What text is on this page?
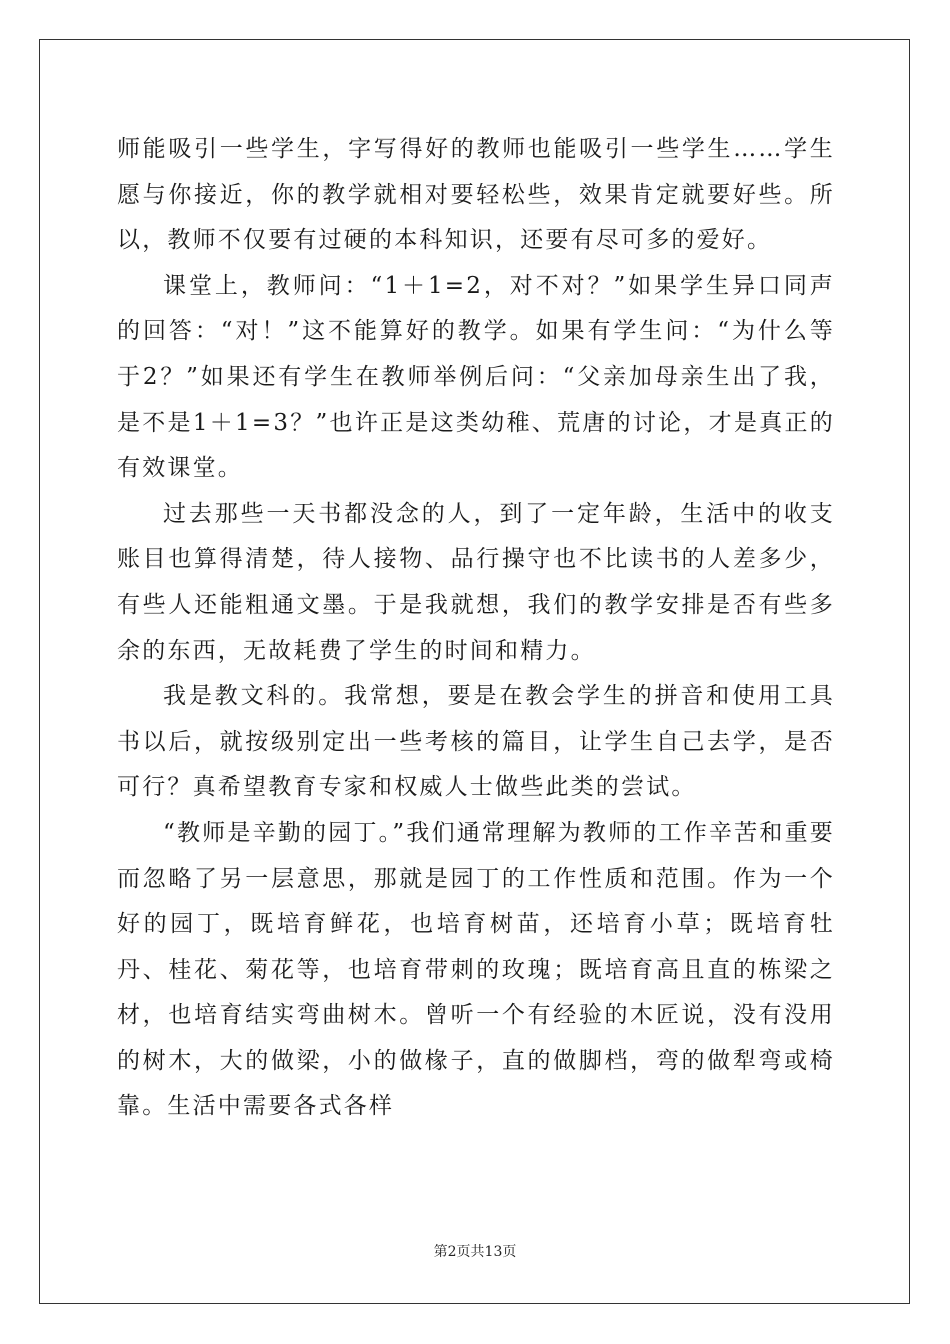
师能吸引一些学生，字写得好的教师也能吸引一些学生……学生愿与你接近，你的教学就相对要轻松些，效果肯定就要好些。所以，教师不仅要有过硬的本科知识，还要有尽可多的爱好。

课堂上，教师问：“1＋1=2，对不对？”如果学生异口同声的回答：“对！”这不能算好的教学。如果有学生问：“为什么等于2？”如果还有学生在教师举例后问：“父亲加母亲生出了我，是不是1＋1=3？”也许正是这类幼稚、荒唐的讨论，才是真正的有效课堂。

过去那些一天书都没念的人，到了一定年龄，生活中的收支账目也算得清楚，待人接物、品行操守也不比读书的人差多少，有些人还能粗通文墨。于是我就想，我们的教学安排是否有些多余的东西，无故耗费了学生的时间和精力。

我是教文科的。我常想，要是在教会学生的拼音和使用工具书以后，就按级别定出一些考核的篇目，让学生自己去学，是否可行？真希望教育专家和权威人士做些此类的尝试。

“教师是辛勤的园丁。”我们通常理解为教师的工作辛苦和重要而忽略了另一层意思，那就是园丁的工作性质和范围。作为一个好的园丁，既培育鲜花，也培育树苗，还培育小草；既培育牡丹、桂花、菊花等，也培育带刺的玫瑰；既培育高且直的栋梁之材，也培育结实弯曲树木。曾听一个有经验的木匠说，没有没用的树木，大的做梁，小的做椽子，直的做脚档，弯的做犁弯或椅靠。生活中需要各式各样

第2页共13页
